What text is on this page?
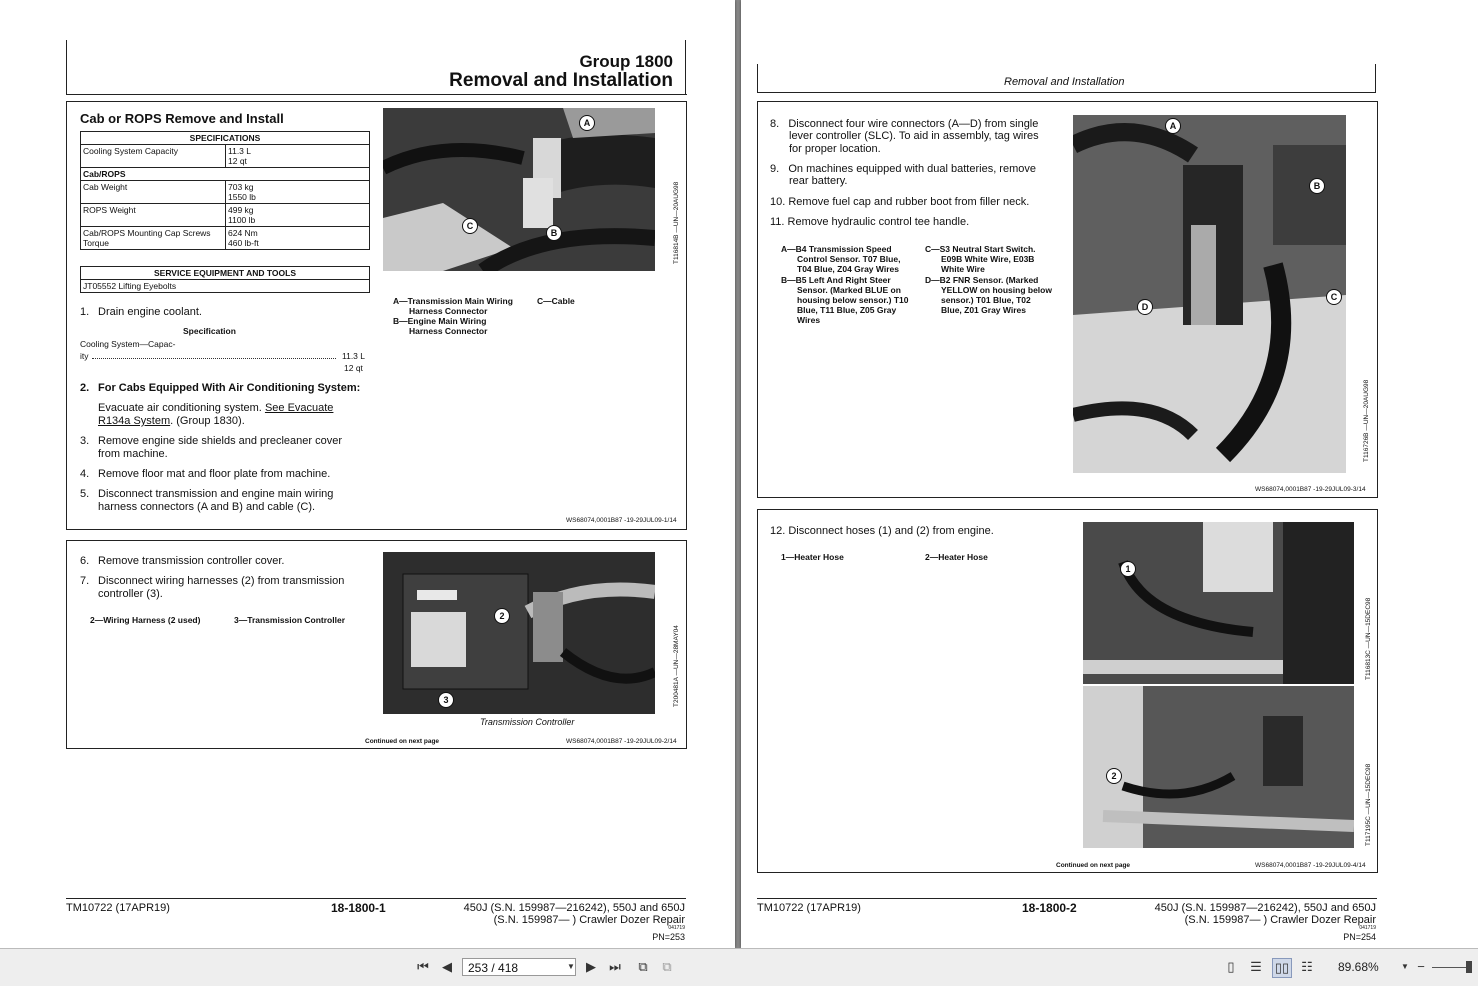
Group 1800
Removal and Installation
Cab or ROPS Remove and Install
SPECIFICATIONS	
Cooling System Capacity	11.3 L
12 qt

Cab/ROPS	
Cab Weight	703 kg
1550 lb

ROPS Weight	499 kg
1100 lb

Cab/ROPS Mounting Cap Screws Torque	624 Nm
460 lb-ft
SERVICE EQUIPMENT AND TOOLS
JT05552 Lifting Eyebolts
1. Drain engine coolant.
Specification
Cooling System—Capac-
ity	11.3 L
12 qt
2. For Cabs Equipped With Air Conditioning System:
Evacuate air conditioning system. See Evacuate
R134a System. (Group 1830).
3. Remove engine side shields and precleaner cover
from machine.
4. Remove floor mat and floor plate from machine.
5. Disconnect transmission and engine main wiring
harness connectors (A and B) and cable (C).
A
B
C	T116814B —UN—20AUG98
A—Transmission Main Wiring
Harness Connector
B—Engine Main Wiring
Harness Connector
C—Cable
WS68074,0001B87 -19-29JUL09-1/14
6. Remove transmission controller cover.
7. Disconnect wiring harnesses (2) from transmission
controller (3).
2—Wiring Harness (2 used)	3—Transmission Controller	2
3	T200481A —UN—28MAY04
Transmission Controller
Continued on next page	WS68074,0001B87 -19-29JUL09-2/14
TM10722 (17APR19)	18-1800-1	450J (S.N. 159987—216242), 550J and 650J
(S.N. 159987— ) Crawler Dozer Repair
041719
PN=253
Removal and Installation
8.   Disconnect four wire connectors (A—D) from single
lever controller (SLC). To aid in assembly, tag wires
for proper location.
9.   On machines equipped with dual batteries, remove
rear battery.
10. Remove fuel cap and rubber boot from filler neck.
11. Remove hydraulic control tee handle.
A—B4 Transmission Speed
Control Sensor. T07 Blue,
T04 Blue, Z04 Gray Wires
B—B5 Left And Right Steer
Sensor. (Marked BLUE on
housing below sensor.) T10
Blue, T11 Blue, Z05 Gray
Wires
C—S3 Neutral Start Switch.
E09B White Wire, E03B
White Wire
D—B2 FNR Sensor. (Marked
YELLOW on housing below
sensor.) T01 Blue, T02
Blue, Z01 Gray Wires
A
B
C
D
T116726B —UN—20AUG98
WS68074,0001B87 -19-29JUL09-3/14
12. Disconnect hoses (1) and (2) from engine.
1—Heater Hose	2—Heater Hose
1
T116813C —UN—15DEC98
2	T117195C —UN—15DEC98
Continued on next page	WS68074,0001B87 -19-29JUL09-4/14
TM10722 (17APR19)	18-1800-2	450J (S.N. 159987—216242), 550J and 650J
(S.N. 159987— ) Crawler Dozer Repair
041719
PN=254
⏮	◀	253 / 418	▼ ▶	⏭	⧉	⧉	▯	☰ ▯▯ ☷ 89.68%	▼ −
